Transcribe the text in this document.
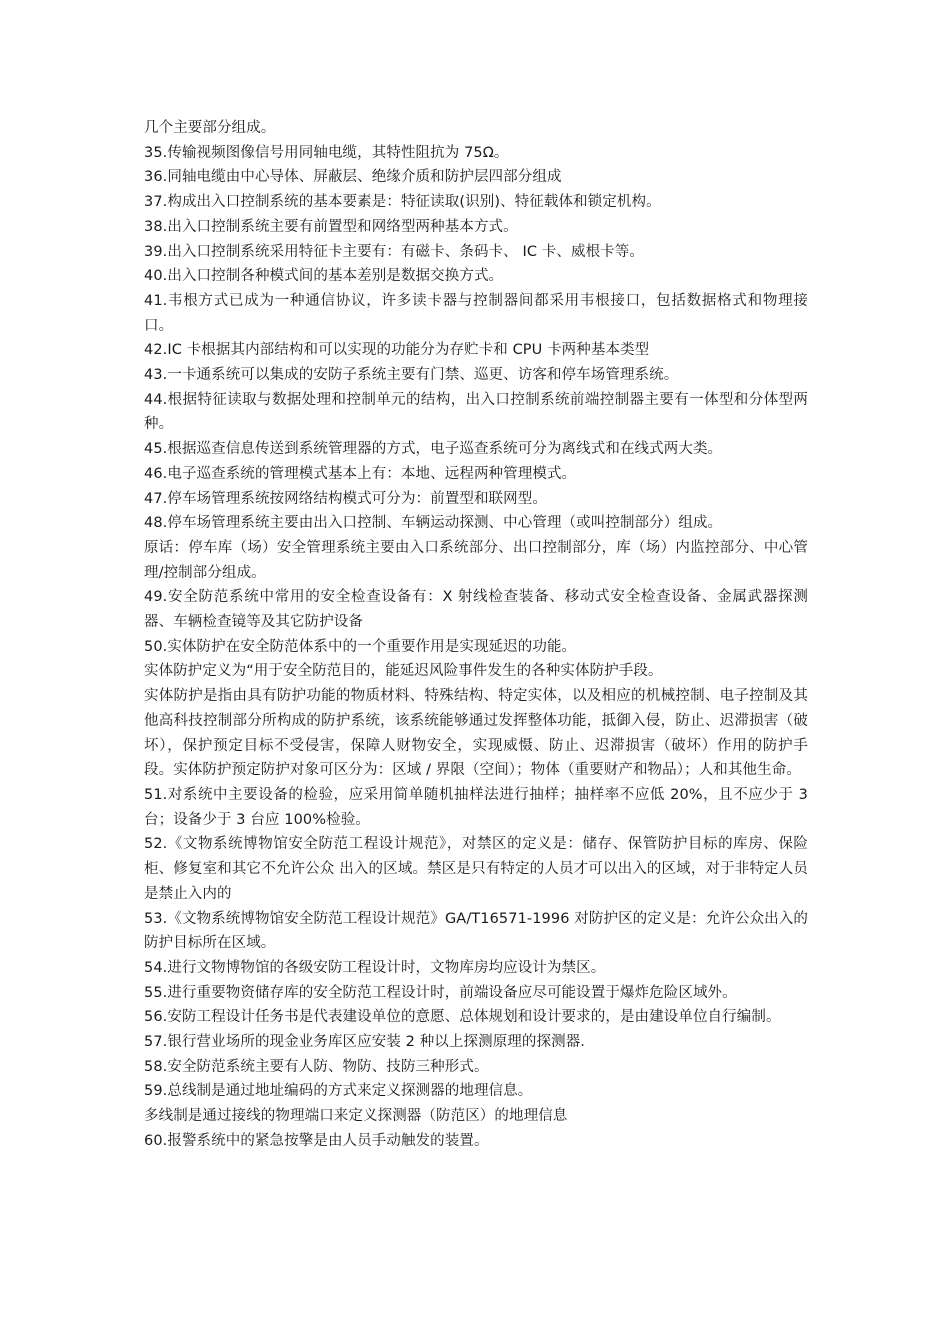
几个主要部分组成。

35.传输视频图像信号用同轴电缆，其特性阻抗为 75Ω。

36.同轴电缆由中心导体、屏蔽层、绝缘介质和防护层四部分组成

37.构成出入口控制系统的基本要素是：特征读取(识别)、特征载体和锁定机构。

38.出入口控制系统主要有前置型和网络型两种基本方式。

39.出入口控制系统采用特征卡主要有：有磁卡、条码卡、 IC 卡、威根卡等。

40.出入口控制各种模式间的基本差别是数据交换方式。

41.韦根方式已成为一种通信协议，许多读卡器与控制器间都采用韦根接口，包括数据格式和物理接口。

42.IC 卡根据其内部结构和可以实现的功能分为存贮卡和 CPU 卡两种基本类型

43.一卡通系统可以集成的安防子系统主要有门禁、巡更、访客和停车场管理系统。

44.根据特征读取与数据处理和控制单元的结构，出入口控制系统前端控制器主要有一体型和分体型两种。

45.根据巡查信息传送到系统管理器的方式，电子巡查系统可分为离线式和在线式两大类。

46.电子巡查系统的管理模式基本上有：本地、远程两种管理模式。

47.停车场管理系统按网络结构模式可分为：前置型和联网型。

48.停车场管理系统主要由出入口控制、车辆运动探测、中心管理（或叫控制部分）组成。

原话：停车库（场）安全管理系统主要由入口系统部分、出口控制部分，库（场）内监控部分、中心管理/控制部分组成。

49.安全防范系统中常用的安全检查设备有：X 射线检查装备、移动式安全检查设备、金属武器探测器、车辆检查镜等及其它防护设备

50.实体防护在安全防范体系中的一个重要作用是实现延迟的功能。

实体防护定义为“用于安全防范目的，能延迟风险事件发生的各种实体防护手段。

实体防护是指由具有防护功能的物质材料、特殊结构、特定实体，以及相应的机械控制、电子控制及其他高科技控制部分所构成的防护系统，该系统能够通过发挥整体功能，抵御入侵，防止、迟滞损害（破坏），保护预定目标不受侵害，保障人财物安全，实现威慑、防止、迟滞损害（破坏）作用的防护手段。实体防护预定防护对象可区分为：区域 / 界限（空间）；物体（重要财产和物品）；人和其他生命。

51.对系统中主要设备的检验，应采用简单随机抽样法进行抽样；抽样率不应低 20%，且不应少于 3 台；设备少于 3 台应 100%检验。

52.《文物系统博物馆安全防范工程设计规范》，对禁区的定义是：储存、保管防护目标的库房、保险柜、修复室和其它不允许公众 出入的区域。禁区是只有特定的人员才可以出入的区域，对于非特定人员是禁止入内的

53.《文物系统博物馆安全防范工程设计规范》GA/T16571-1996 对防护区的定义是：允许公众出入的防护目标所在区域。

54.进行文物博物馆的各级安防工程设计时，文物库房均应设计为禁区。

55.进行重要物资储存库的安全防范工程设计时，前端设备应尽可能设置于爆炸危险区域外。

56.安防工程设计任务书是代表建设单位的意愿、总体规划和设计要求的，是由建设单位自行编制。

57.银行营业场所的现金业务库区应安装 2 种以上探测原理的探测器.

58.安全防范系统主要有人防、物防、技防三种形式。

59.总线制是通过地址编码的方式来定义探测器的地理信息。

多线制是通过接线的物理端口来定义探测器（防范区）的地理信息

60.报警系统中的紧急按擎是由人员手动触发的装置。
